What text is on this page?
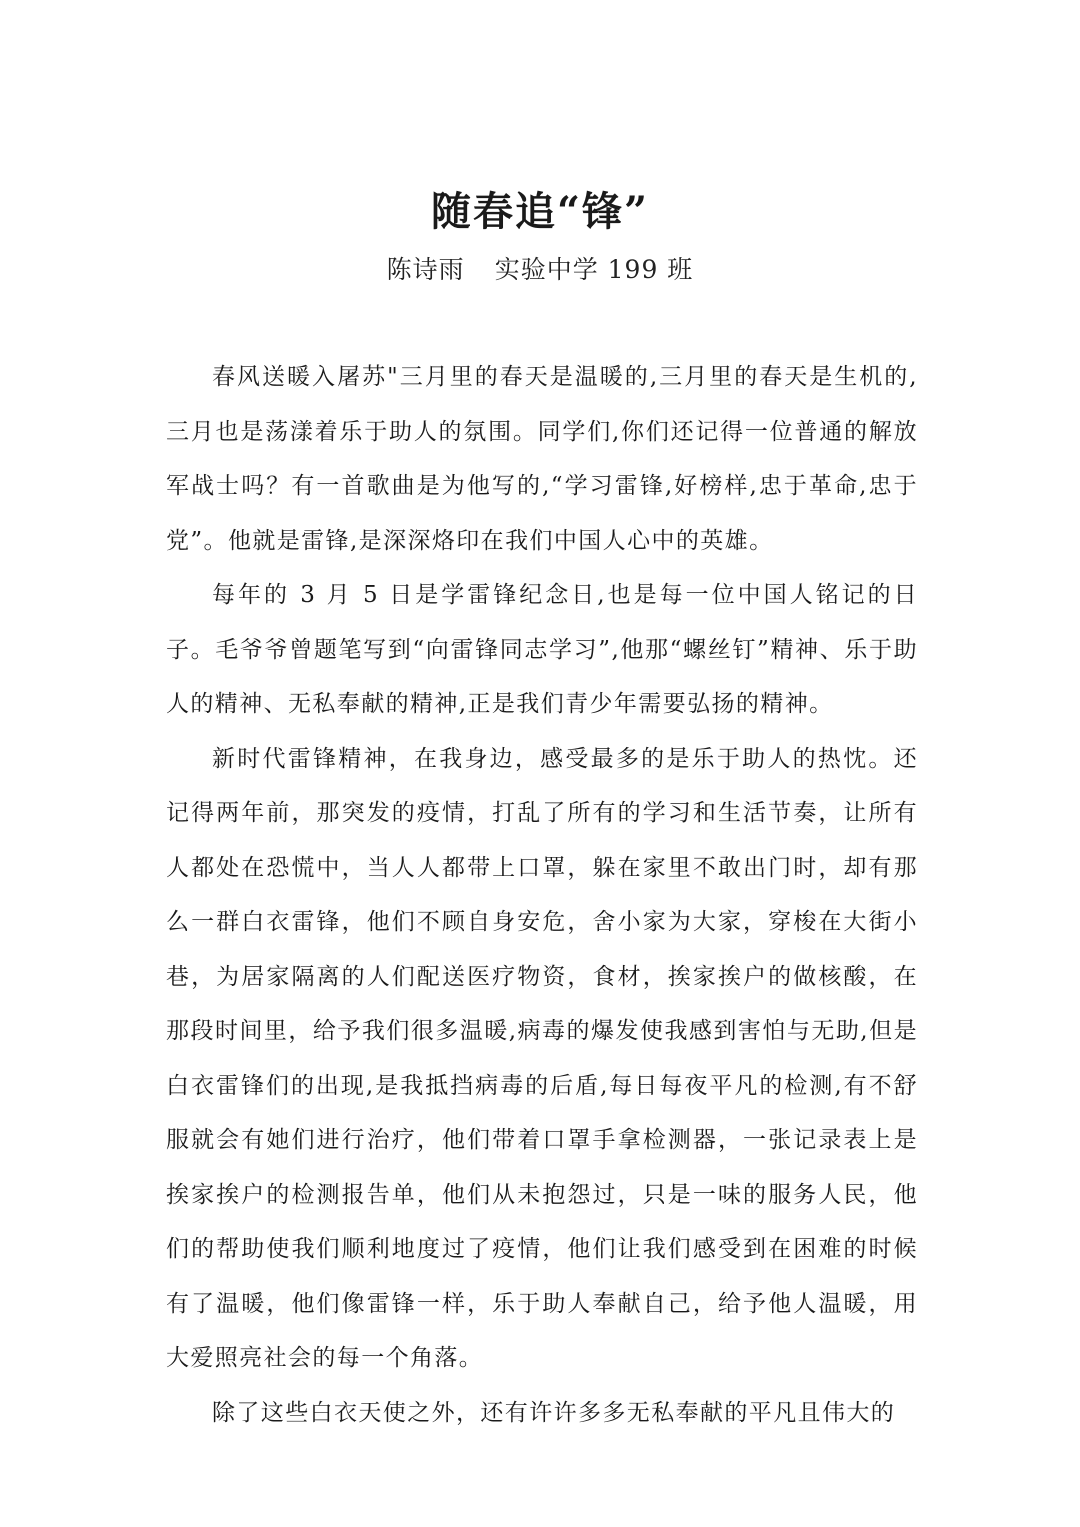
随春追“锋”
陈诗雨 实验中学 199 班

春风送暖入屠苏"三月里的春天是温暖的,三月里的春天是生机的,三月也是荡漾着乐于助人的氛围。同学们,你们还记得一位普通的解放军战士吗？有一首歌曲是为他写的,“学习雷锋,好榜样,忠于革命,忠于党”。他就是雷锋,是深深烙印在我们中国人心中的英雄。

每年的 3 月 5 日是学雷锋纪念日,也是每一位中国人铭记的日子。毛爷爷曾题笔写到“向雷锋同志学习”,他那“螺丝钉”精神、乐于助人的精神、无私奉献的精神,正是我们青少年需要弘扬的精神。

新时代雷锋精神，在我身边，感受最多的是乐于助人的热忱。还记得两年前，那突发的疫情，打乱了所有的学习和生活节奏，让所有人都处在恐慌中，当人人都带上口罩，躲在家里不敢出门时，却有那么一群白衣雷锋，他们不顾自身安危，舍小家为大家，穿梭在大街小巷，为居家隔离的人们配送医疗物资，食材，挨家挨户的做核酸，在那段时间里，给予我们很多温暖,病毒的爆发使我感到害怕与无助,但是白衣雷锋们的出现,是我抵挡病毒的后盾,每日每夜平凡的检测,有不舒服就会有她们进行治疗，他们带着口罩手拿检测器，一张记录表上是挨家挨户的检测报告单，他们从未抱怨过，只是一味的服务人民，他们的帮助使我们顺利地度过了疫情，他们让我们感受到在困难的时候有了温暖，他们像雷锋一样，乐于助人奉献自己，给予他人温暖，用大爱照亮社会的每一个角落。

除了这些白衣天使之外，还有许许多多无私奉献的平凡且伟大的
